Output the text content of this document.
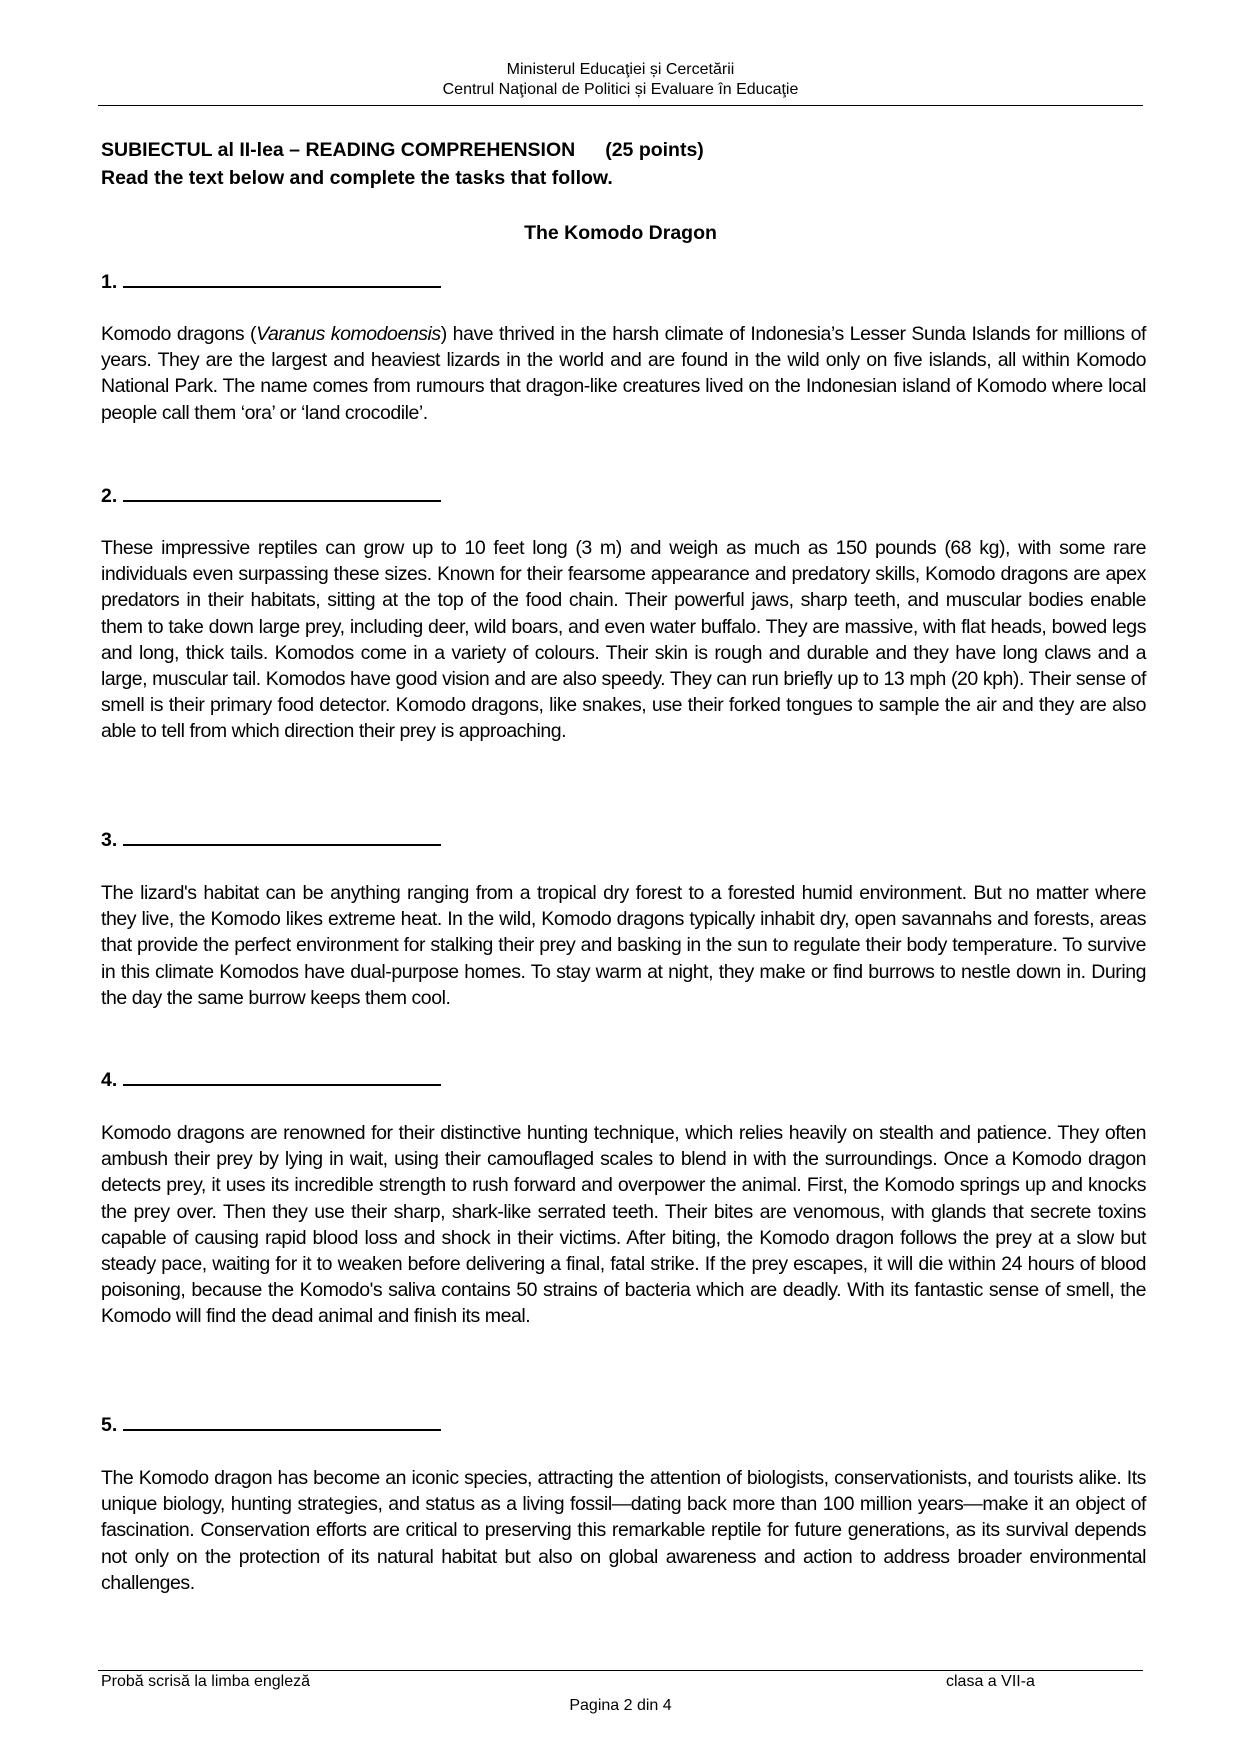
Ministerul Educaţiei și Cercetării
Centrul Naţional de Politici și Evaluare în Educaţie
SUBIECTUL al II-lea – READING COMPREHENSION (25 points)
Read the text below and complete the tasks that follow.
The Komodo Dragon
1.

Komodo dragons (Varanus komodoensis) have thrived in the harsh climate of Indonesia’s Lesser Sunda Islands for millions of years. They are the largest and heaviest lizards in the world and are found in the wild only on five islands, all within Komodo National Park. The name comes from rumours that dragon-like creatures lived on the Indonesian island of Komodo where local people call them ‘ora’ or ‘land crocodile’.

2.

These impressive reptiles can grow up to 10 feet long (3 m) and weigh as much as 150 pounds (68 kg), with some rare individuals even surpassing these sizes. Known for their fearsome appearance and predatory skills, Komodo dragons are apex predators in their habitats, sitting at the top of the food chain. Their powerful jaws, sharp teeth, and muscular bodies enable them to take down large prey, including deer, wild boars, and even water buffalo. They are massive, with flat heads, bowed legs and long, thick tails. Komodos come in a variety of colours. Their skin is rough and durable and they have long claws and a large, muscular tail. Komodos have good vision and are also speedy. They can run briefly up to 13 mph (20 kph). Their sense of smell is their primary food detector. Komodo dragons, like snakes, use their forked tongues to sample the air and they are also able to tell from which direction their prey is approaching.

3.

The lizard's habitat can be anything ranging from a tropical dry forest to a forested humid environment. But no matter where they live, the Komodo likes extreme heat. In the wild, Komodo dragons typically inhabit dry, open savannahs and forests, areas that provide the perfect environment for stalking their prey and basking in the sun to regulate their body temperature. To survive in this climate Komodos have dual-purpose homes. To stay warm at night, they make or find burrows to nestle down in. During the day the same burrow keeps them cool.

4.

Komodo dragons are renowned for their distinctive hunting technique, which relies heavily on stealth and patience. They often ambush their prey by lying in wait, using their camouflaged scales to blend in with the surroundings. Once a Komodo dragon detects prey, it uses its incredible strength to rush forward and overpower the animal. First, the Komodo springs up and knocks the prey over. Then they use their sharp, shark-like serrated teeth. Their bites are venomous, with glands that secrete toxins capable of causing rapid blood loss and shock in their victims. After biting, the Komodo dragon follows the prey at a slow but steady pace, waiting for it to weaken before delivering a final, fatal strike. If the prey escapes, it will die within 24 hours of blood poisoning, because the Komodo's saliva contains 50 strains of bacteria which are deadly. With its fantastic sense of smell, the Komodo will find the dead animal and finish its meal.

5.

The Komodo dragon has become an iconic species, attracting the attention of biologists, conservationists, and tourists alike. Its unique biology, hunting strategies, and status as a living fossil—dating back more than 100 million years—make it an object of fascination. Conservation efforts are critical to preserving this remarkable reptile for future generations, as its survival depends not only on the protection of its natural habitat but also on global awareness and action to address broader environmental challenges.

Probă scrisă la limba engleză	clasa a VII-a
Pagina 2 din 4
